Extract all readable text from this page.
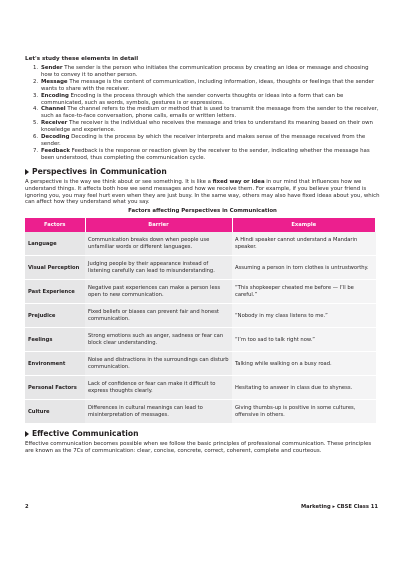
Let's study these elements in detail
1. Sender The sender is the person who initiates the communication process by creating an idea or message and choosing how to convey it to another person.
2. Message The message is the content of communication, including information, ideas, thoughts or feelings that the sender wants to share with the receiver.
3. Encoding Encoding is the process through which the sender converts thoughts or ideas into a form that can be communicated, such as words, symbols, gestures is or expressions.
4. Channel The channel refers to the medium or method that is used to transmit the message from the sender to the receiver, such as face-to-face conversation, phone calls, emails or written letters.
5. Receiver The receiver is the individual who receives the message and tries to understand its meaning based on their own knowledge and experience.
6. Decoding Decoding is the process by which the receiver interprets and makes sense of the message received from the sender.
7. Feedback Feedback is the response or reaction given by the receiver to the sender, indicating whether the message has been understood, thus completing the communication cycle.
Perspectives in Communication

A perspective is the way we think about or see something. It is like a fixed way or idea in our mind that influences how we understand things. It affects both how we send messages and how we receive them. For example, if you believe your friend is ignoring you, you may feel hurt even when they are just busy. In the same way, others may also have fixed ideas about you, which can affect how they understand what you say.

Factors affecting Perspectives in Communication
Factors	Barrier	Example
Language	Communication breaks down when people use unfamiliar words or different languages.	A Hindi speaker cannot understand a Mandarin speaker.
Visual Perception	Judging people by their appearance instead of listening carefully can lead to misunderstanding.	Assuming a person in torn clothes is untrustworthy.
Past Experience	Negative past experiences can make a person less open to new communication.	“This shopkeeper cheated me before — I’ll be careful.”
Prejudice	Fixed beliefs or biases can prevent fair and honest communication.	“Nobody in my class listens to me.”
Feelings	Strong emotions such as anger, sadness or fear can block clear understanding.	“I’m too sad to talk right now.”
Environment	Noise and distractions in the surroundings can disturb communication.	Talking while walking on a busy road.
Personal Factors	Lack of confidence or fear can make it difficult to express thoughts clearly.	Hesitating to answer in class due to shyness.
Culture	Differences in cultural meanings can lead to misinterpretation of messages.	Giving thumbs-up is positive in some cultures, offensive in others.
Effective Communication

Effective communication becomes possible when we follow the basic principles of professional communication. These principles are known as the 7Cs of communication: clear, concise, concrete, correct, coherent, complete and courteous.

2	Marketing ▸ CBSE Class 11
